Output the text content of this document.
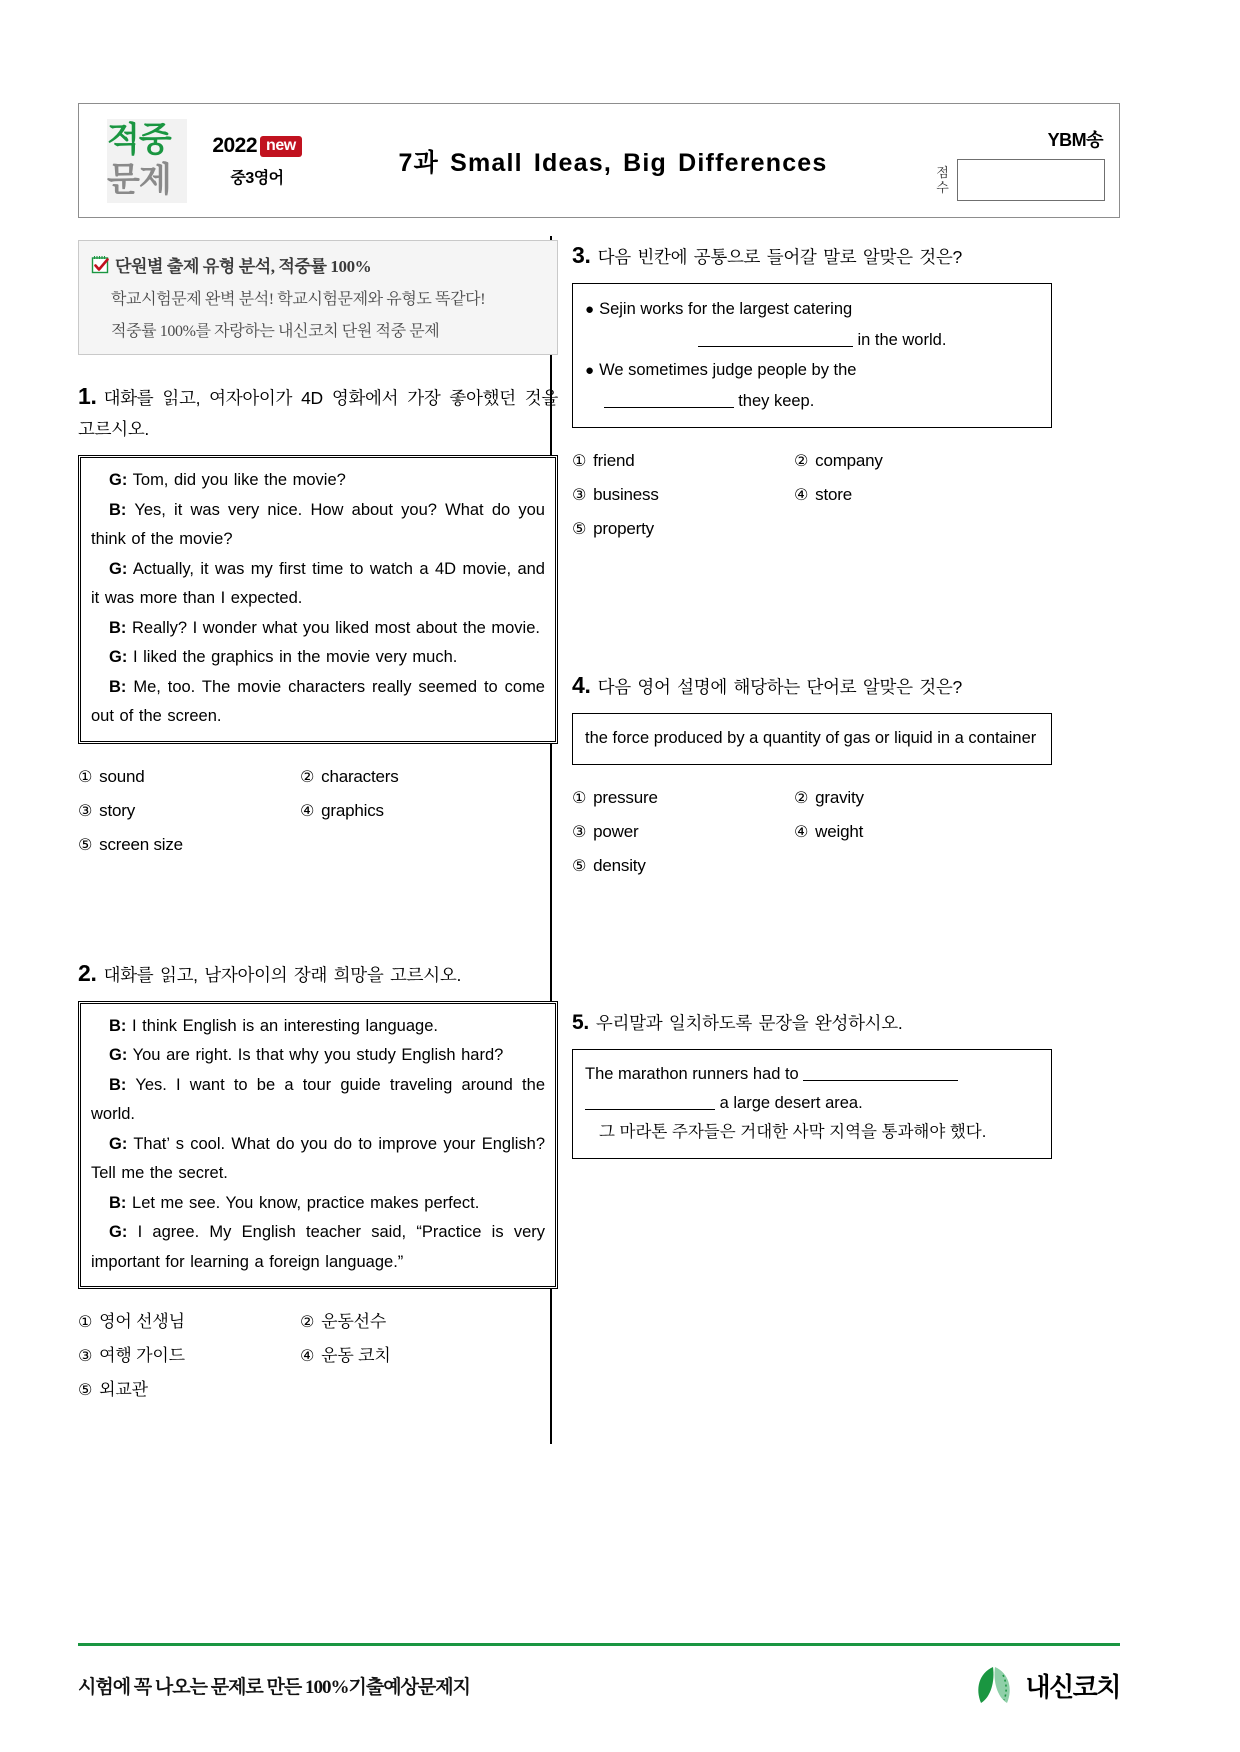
적중
문제
2022 new
중3영어
7과 Small Ideas, Big Differences
YBM송
점
수
단원별 출제 유형 분석, 적중률 100%
학교시험문제 완벽 분석! 학교시험문제와 유형도 똑같다!
적중률 100%를 자랑하는 내신코치 단원 적중 문제
1. 대화를 읽고, 여자아이가 4D 영화에서 가장 좋아했던 것을 고르시오.
G: Tom, did you like the movie?
B: Yes, it was very nice. How about you? What do you think of the movie?
G: Actually, it was my first time to watch a 4D movie, and it was more than I expected.
B: Really? I wonder what you liked most about the movie.
G: I liked the graphics in the movie very much.
B: Me, too. The movie characters really seemed to come out of the screen.
① sound	② characters
③ story	④ graphics
⑤ screen size
2. 대화를 읽고, 남자아이의 장래 희망을 고르시오.
B: I think English is an interesting language.
G: You are right. Is that why you study English hard?
B: Yes. I want to be a tour guide traveling around the world.
G: That’ s cool. What do you do to improve your English? Tell me the secret.
B: Let me see. You know, practice makes perfect.
G: I agree. My English teacher said, “Practice is very important for learning a foreign language.”
① 영어 선생님	② 운동선수
③ 여행 가이드	④ 운동 코치
⑤ 외교관
3. 다음 빈칸에 공통으로 들어갈 말로 알맞은 것은?
● Sejin works for the largest catering
in the world.
● We sometimes judge people by the
they keep.
① friend	② company
③ business	④ store
⑤ property
4. 다음 영어 설명에 해당하는 단어로 알맞은 것은?
the force produced by a quantity of gas or liquid in a container
① pressure	② gravity
③ power	④ weight
⑤ density
5. 우리말과 일치하도록 문장을 완성하시오.
The marathon runners had to
a large desert area.
그 마라톤 주자들은 거대한 사막 지역을 통과해야 했다.
시험에 꼭 나오는 문제로 만든 100%기출예상문제지	내신코치
